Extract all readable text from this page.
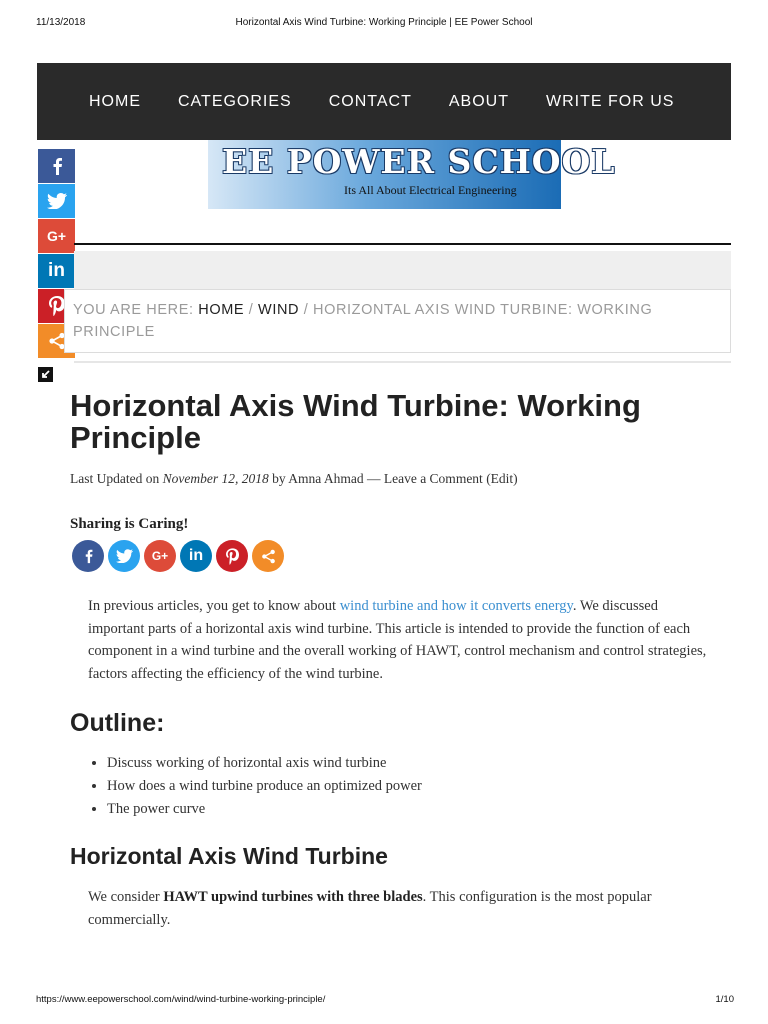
11/13/2018	Horizontal Axis Wind Turbine: Working Principle | EE Power School
HOME CATEGORIES CONTACT ABOUT WRITE FOR US
EE POWER SCHOOL
Its All About Electrical Engineering
G+
in
YOU ARE HERE: HOME / WIND / HORIZONTAL AXIS WIND TURBINE: WORKING PRINCIPLE
Horizontal Axis Wind Turbine: Working Principle
Last Updated on November 12, 2018 by Amna Ahmad — Leave a Comment (Edit)
Sharing is Caring!
G+ in

In previous articles, you get to know about wind turbine and how it converts energy. We discussed important parts of a horizontal axis wind turbine. This article is intended to provide the function of each component in a wind turbine and the overall working of HAWT, control mechanism and control strategies, factors affecting the efficiency of the wind turbine.

Outline:
• Discuss working of horizontal axis wind turbine
• How does a wind turbine produce an optimized power
• The power curve
Horizontal Axis Wind Turbine

We consider HAWT upwind turbines with three blades. This configuration is the most popular commercially.

https://www.eepowerschool.com/wind/wind-turbine-working-principle/	1/10
